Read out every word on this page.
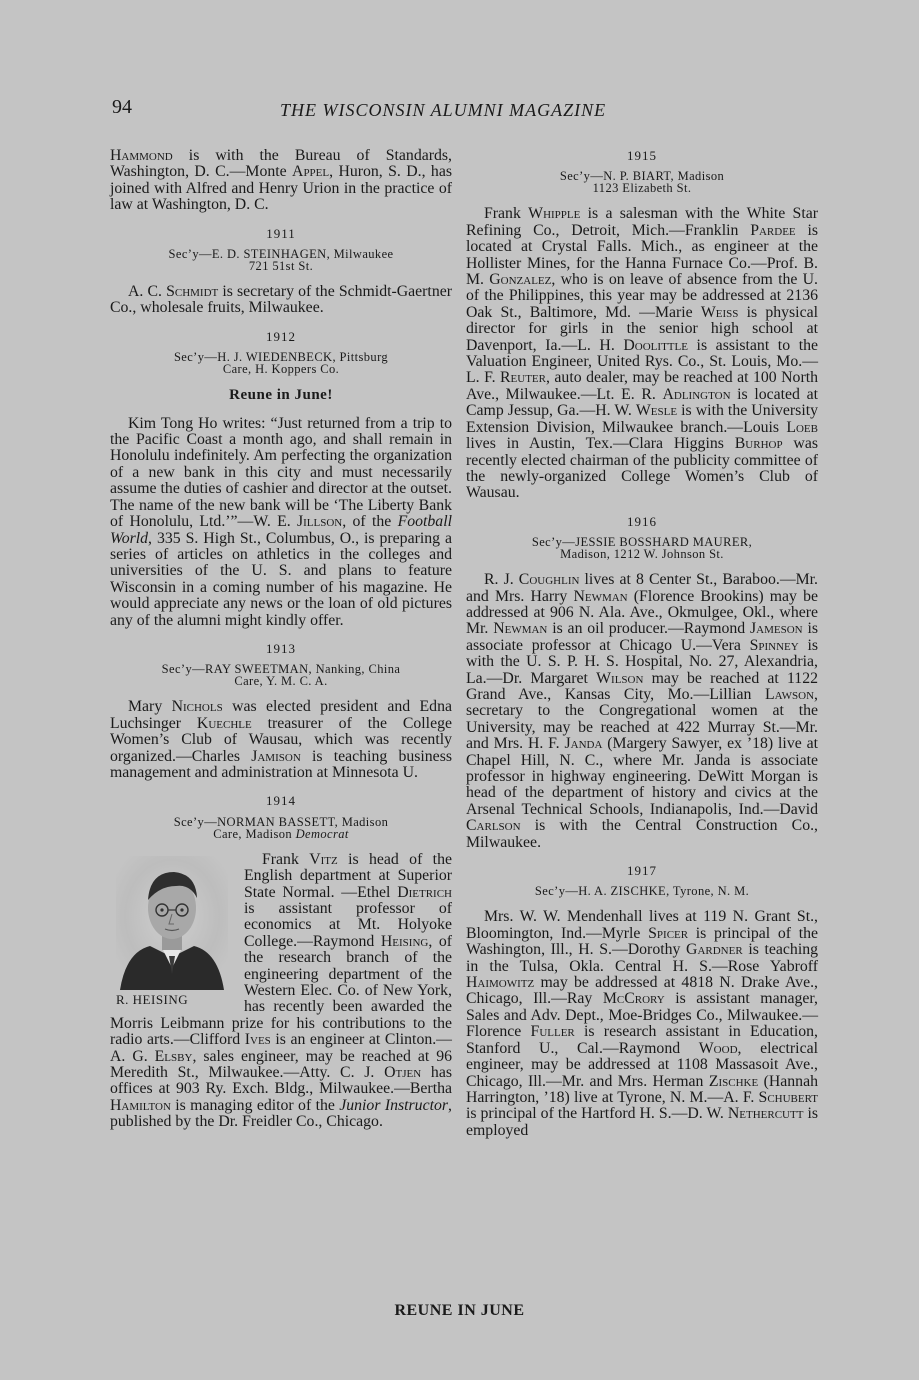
94	THE WISCONSIN ALUMNI MAGAZINE

Hammond is with the Bureau of Standards, Washington, D. C.—Monte Appel, Huron, S. D., has joined with Alfred and Henry Urion in the practice of law at Washington, D. C.

1911
Sec’y—E. D. STEINHAGEN, Milwaukee
721 51st St.

A. C. Schmidt is secretary of the Schmidt-Gaertner Co., wholesale fruits, Milwaukee.

1912
Sec’y—H. J. WIEDENBECK, Pittsburg
Care, H. Koppers Co.
Reune in June!

Kim Tong Ho writes: “Just returned from a trip to the Pacific Coast a month ago, and shall remain in Honolulu indefinitely. Am perfecting the organization of a new bank in this city and must necessarily assume the duties of cashier and director at the outset. The name of the new bank will be ‘The Liberty Bank of Honolulu, Ltd.’”—W. E. Jillson, of the Football World, 335 S. High St., Columbus, O., is preparing a series of articles on athletics in the colleges and universities of the U. S. and plans to feature Wisconsin in a coming number of his magazine. He would appreciate any news or the loan of old pictures any of the alumni might kindly offer.

1913
Sec’y—RAY SWEETMAN, Nanking, China
Care, Y. M. C. A.

Mary Nichols was elected president and Edna Luchsinger Kuechle treasurer of the College Women’s Club of Wausau, which was recently organized.—Charles Jamison is teaching business management and administration at Minnesota U.

1914
Sce’y—NORMAN BASSETT, Madison
Care, Madison Democrat
R. HEISING

Frank Vitz is head of the English department at Superior State Normal. —Ethel Dietrich is assistant professor of economics at Mt. Holyoke College.—Raymond Heising, of the research branch of the engineering department of the Western Elec. Co. of New York, has recently been awarded the Morris Leibmann prize for his contributions to the radio arts.—Clifford Ives is an engineer at Clinton.—A. G. Elsby, sales engineer, may be reached at 96 Meredith St., Milwaukee.—Atty. C. J. Otjen has offices at 903 Ry. Exch. Bldg., Milwaukee.—Bertha Hamilton is managing editor of the Junior Instructor, published by the Dr. Freidler Co., Chicago.

1915
Sec’y—N. P. BIART, Madison
1123 Elizabeth St.

Frank Whipple is a salesman with the White Star Refining Co., Detroit, Mich.—Franklin Pardee is located at Crystal Falls. Mich., as engineer at the Hollister Mines, for the Hanna Furnace Co.—Prof. B. M. Gonzalez, who is on leave of absence from the U. of the Philippines, this year may be addressed at 2136 Oak St., Baltimore, Md. —Marie Weiss is physical director for girls in the senior high school at Davenport, Ia.—L. H. Doolittle is assistant to the Valuation Engineer, United Rys. Co., St. Louis, Mo.—L. F. Reuter, auto dealer, may be reached at 100 North Ave., Milwaukee.—Lt. E. R. Adlington is located at Camp Jessup, Ga.—H. W. Wesle is with the University Extension Division, Milwaukee branch.—Louis Loeb lives in Austin, Tex.—Clara Higgins Burhop was recently elected chairman of the publicity committee of the newly-organized College Women’s Club of Wausau.

1916
Sec’y—JESSIE BOSSHARD MAURER,
Madison, 1212 W. Johnson St.

R. J. Coughlin lives at 8 Center St., Baraboo.—Mr. and Mrs. Harry Newman (Florence Brookins) may be addressed at 906 N. Ala. Ave., Okmulgee, Okl., where Mr. Newman is an oil producer.—Raymond Jameson is associate professor at Chicago U.—Vera Spinney is with the U. S. P. H. S. Hospital, No. 27, Alexandria, La.—Dr. Margaret Wilson may be reached at 1122 Grand Ave., Kansas City, Mo.—Lillian Lawson, secretary to the Congregational women at the University, may be reached at 422 Murray St.—Mr. and Mrs. H. F. Janda (Margery Sawyer, ex ’18) live at Chapel Hill, N. C., where Mr. Janda is associate professor in highway engineering. DeWitt Morgan is head of the department of history and civics at the Arsenal Technical Schools, Indianapolis, Ind.—David Carlson is with the Central Construction Co., Milwaukee.

1917
Sec’y—H. A. ZISCHKE, Tyrone, N. M.

Mrs. W. W. Mendenhall lives at 119 N. Grant St., Bloomington, Ind.—Myrle Spicer is principal of the Washington, Ill., H. S.—Dorothy Gardner is teaching in the Tulsa, Okla. Central H. S.—Rose Yabroff Haimowitz may be addressed at 4818 N. Drake Ave., Chicago, Ill.—Ray McCrory is assistant manager, Sales and Adv. Dept., Moe-Bridges Co., Milwaukee.—Florence Fuller is research assistant in Education, Stanford U., Cal.—Raymond Wood, electrical engineer, may be addressed at 1108 Massasoit Ave., Chicago, Ill.—Mr. and Mrs. Herman Zischke (Hannah Harrington, ’18) live at Tyrone, N. M.—A. F. Schubert is principal of the Hartford H. S.—D. W. Nethercutt is employed

REUNE IN JUNE
